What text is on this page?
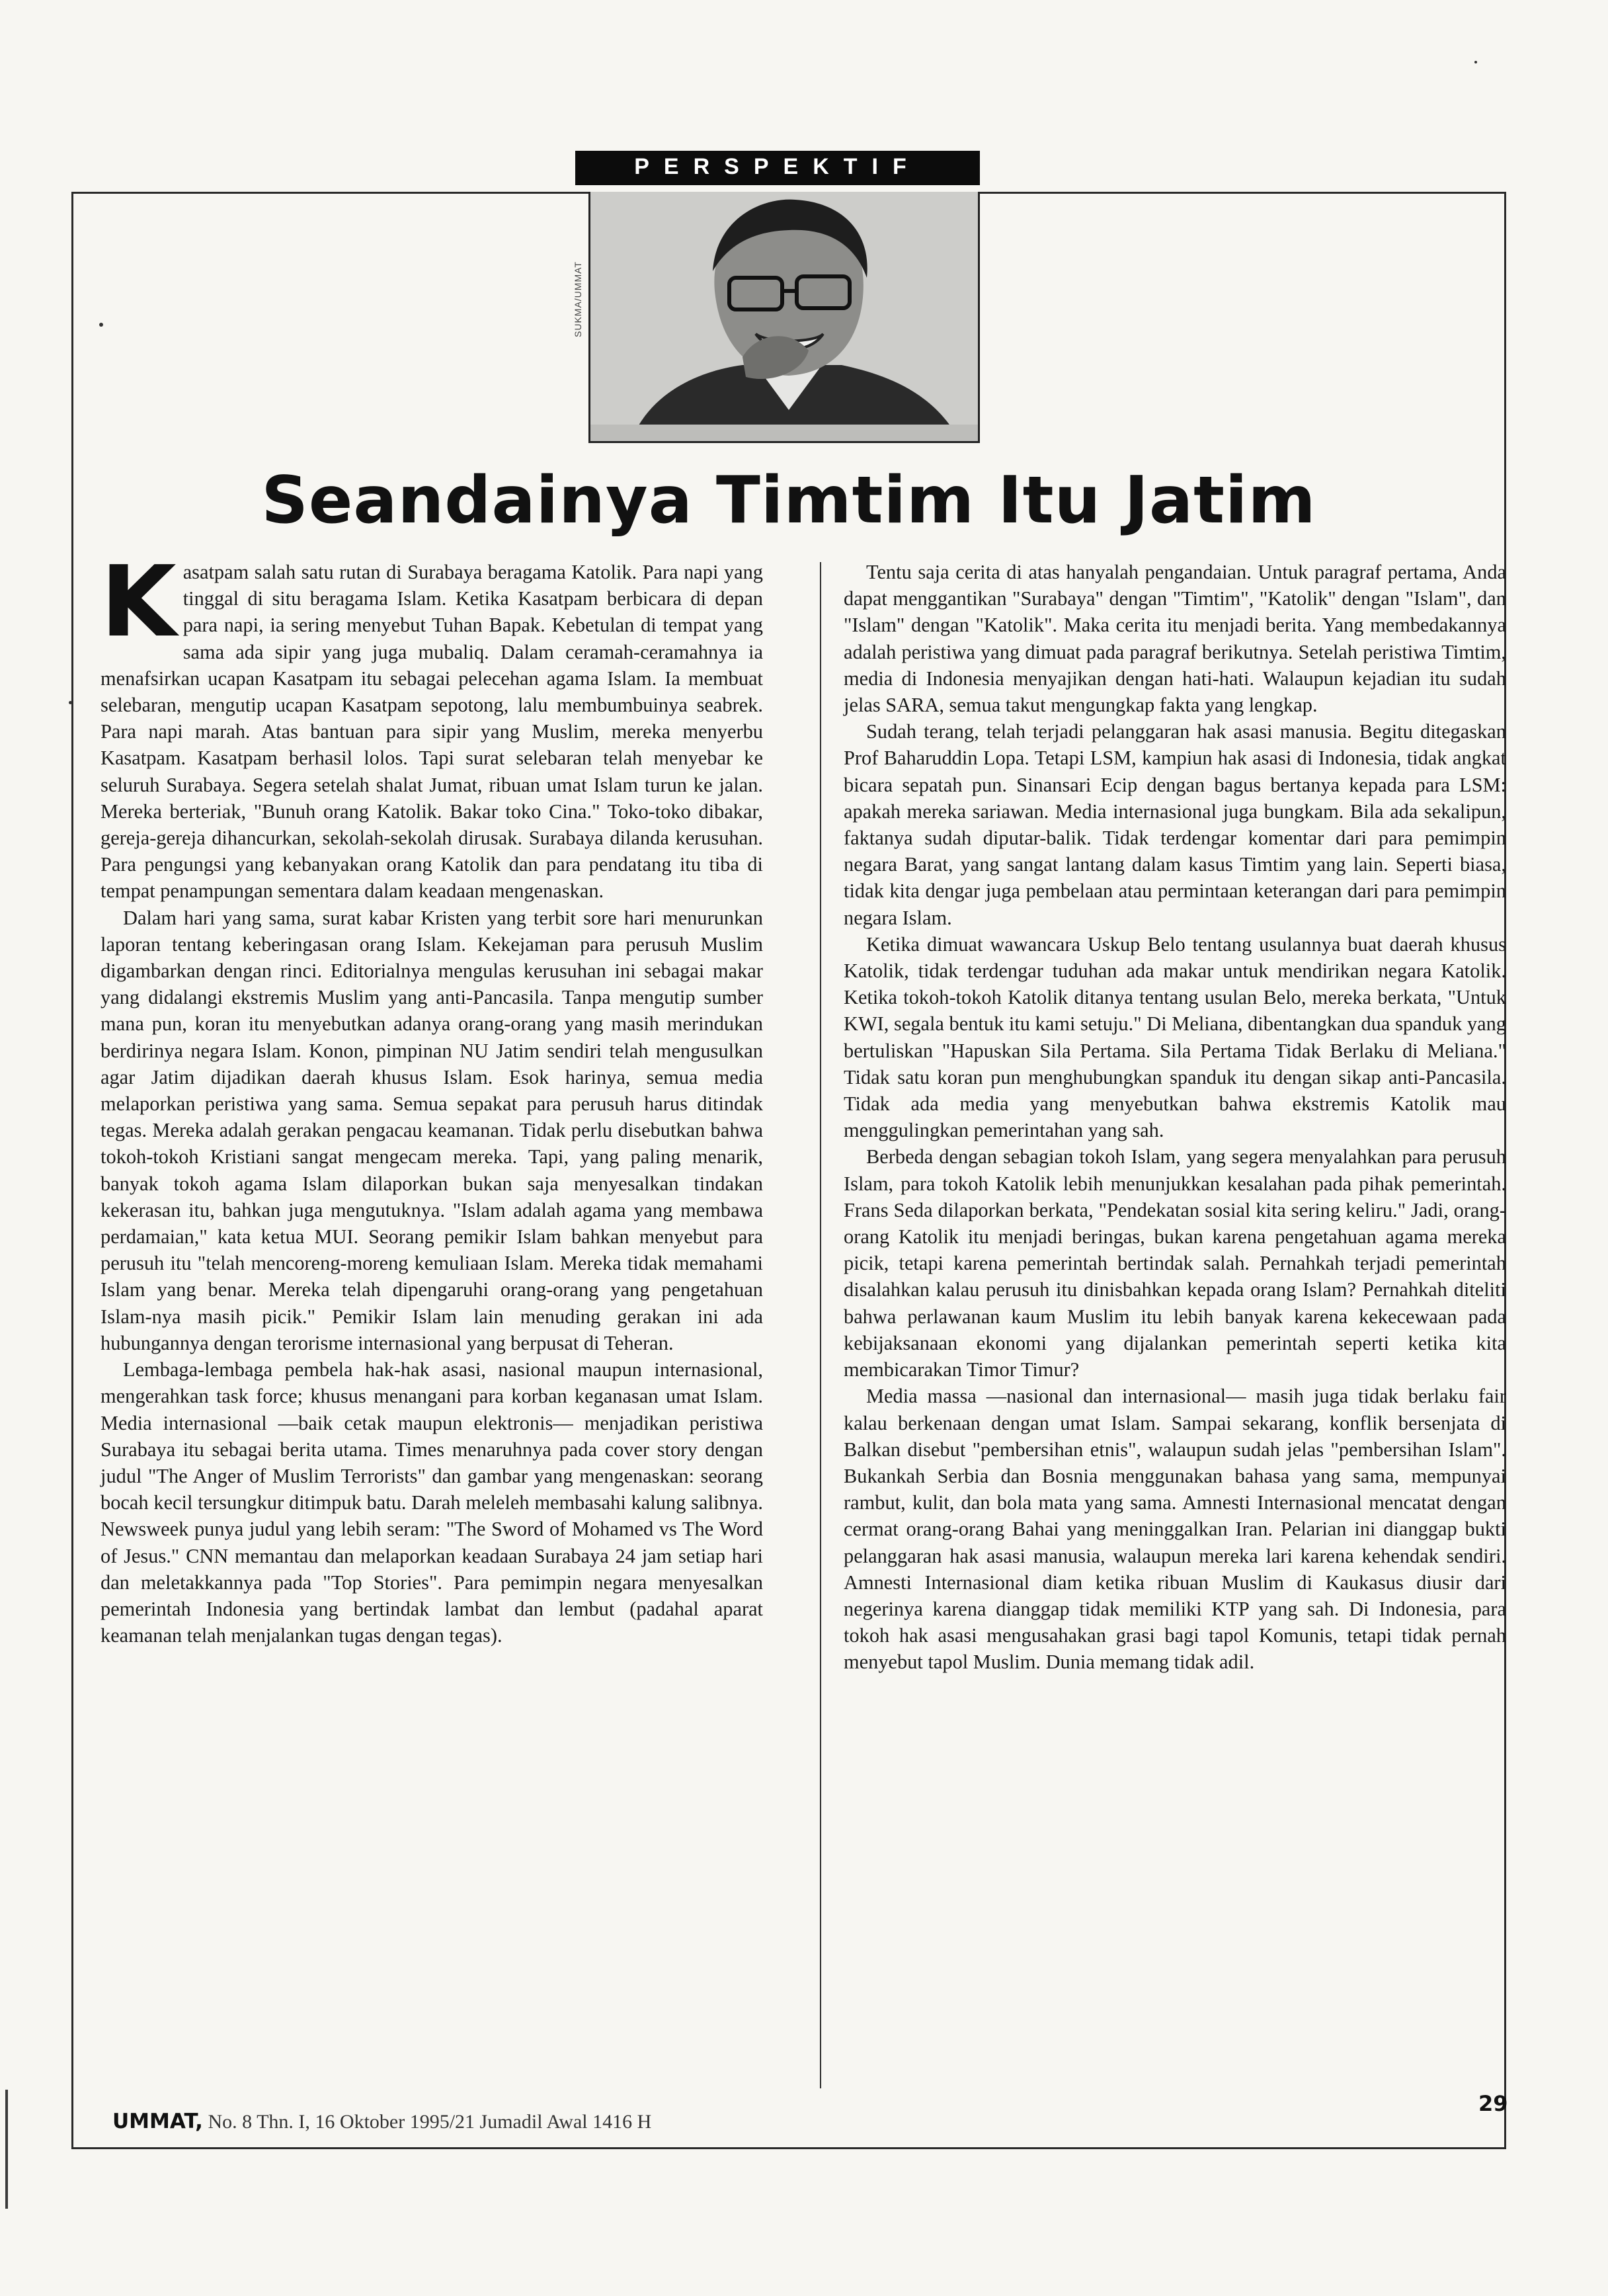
PERSPEKTIF
SUKMA/UMMAT
Seandainya Timtim Itu Jatim

Kasatpam salah satu rutan di Surabaya beragama Katolik. Para napi yang tinggal di situ beragama Islam. Ketika Kasatpam berbicara di depan para napi, ia sering menyebut Tuhan Bapak. Kebetulan di tempat yang sama ada sipir yang juga mubaliq. Dalam ceramah-ceramahnya ia menafsirkan ucapan Kasatpam itu sebagai pelecehan agama Islam. Ia membuat selebaran, mengutip ucapan Kasatpam sepotong, lalu membumbuinya seabrek. Para napi marah. Atas bantuan para sipir yang Muslim, mereka menyerbu Kasatpam. Kasatpam berhasil lolos. Tapi surat selebaran telah menyebar ke seluruh Surabaya. Segera setelah shalat Jumat, ribuan umat Islam turun ke jalan. Mereka berteriak, "Bunuh orang Katolik. Bakar toko Cina." Toko-toko dibakar, gereja-gereja dihancurkan, sekolah-sekolah dirusak. Surabaya dilanda kerusuhan. Para pengungsi yang kebanyakan orang Katolik dan para pendatang itu tiba di tempat penampungan sementara dalam keadaan mengenaskan.

Dalam hari yang sama, surat kabar Kristen yang terbit sore hari menurunkan laporan tentang keberingasan orang Islam. Kekejaman para perusuh Muslim digambarkan dengan rinci. Editorialnya mengulas kerusuhan ini sebagai makar yang didalangi ekstremis Muslim yang anti-Pancasila. Tanpa mengutip sumber mana pun, koran itu menyebutkan adanya orang-orang yang masih merindukan berdirinya negara Islam. Konon, pimpinan NU Jatim sendiri telah mengusulkan agar Jatim dijadikan daerah khusus Islam. Esok harinya, semua media melaporkan peristiwa yang sama. Semua sepakat para perusuh harus ditindak tegas. Mereka adalah gerakan pengacau keamanan. Tidak perlu disebutkan bahwa tokoh-tokoh Kristiani sangat mengecam mereka. Tapi, yang paling menarik, banyak tokoh agama Islam dilaporkan bukan saja menyesalkan tindakan kekerasan itu, bahkan juga mengutuknya. "Islam adalah agama yang membawa perdamaian," kata ketua MUI. Seorang pemikir Islam bahkan menyebut para perusuh itu "telah mencoreng-moreng kemuliaan Islam. Mereka tidak memahami Islam yang benar. Mereka telah dipengaruhi orang-orang yang pengetahuan Islam-nya masih picik." Pemikir Islam lain menuding gerakan ini ada hubungannya dengan terorisme internasional yang berpusat di Teheran.

Lembaga-lembaga pembela hak-hak asasi, nasional maupun internasional, mengerahkan task force; khusus menangani para korban keganasan umat Islam. Media internasional —baik cetak maupun elektronis— menjadikan peristiwa Surabaya itu sebagai berita utama. Times menaruhnya pada cover story dengan judul "The Anger of Muslim Terrorists" dan gambar yang mengenaskan: seorang bocah kecil tersungkur ditimpuk batu. Darah meleleh membasahi kalung salibnya. Newsweek punya judul yang lebih seram: "The Sword of Mohamed vs The Word of Jesus." CNN memantau dan melaporkan keadaan Surabaya 24 jam setiap hari dan meletakkannya pada "Top Stories". Para pemimpin negara menyesalkan pemerintah Indonesia yang bertindak lambat dan lembut (padahal aparat keamanan telah menjalankan tugas dengan tegas).

Tentu saja cerita di atas hanyalah pengandaian. Untuk paragraf pertama, Anda dapat menggantikan "Surabaya" dengan "Timtim", "Katolik" dengan "Islam", dan "Islam" dengan "Katolik". Maka cerita itu menjadi berita. Yang membedakannya adalah peristiwa yang dimuat pada paragraf berikutnya. Setelah peristiwa Timtim, media di Indonesia menyajikan dengan hati-hati. Walaupun kejadian itu sudah jelas SARA, semua takut mengungkap fakta yang lengkap.

Sudah terang, telah terjadi pelanggaran hak asasi manusia. Begitu ditegaskan Prof Baharuddin Lopa. Tetapi LSM, kampiun hak asasi di Indonesia, tidak angkat bicara sepatah pun. Sinansari Ecip dengan bagus bertanya kepada para LSM: apakah mereka sariawan. Media internasional juga bungkam. Bila ada sekalipun, faktanya sudah diputar-balik. Tidak terdengar komentar dari para pemimpin negara Barat, yang sangat lantang dalam kasus Timtim yang lain. Seperti biasa, tidak kita dengar juga pembelaan atau permintaan keterangan dari para pemimpin negara Islam.

Ketika dimuat wawancara Uskup Belo tentang usulannya buat daerah khusus Katolik, tidak terdengar tuduhan ada makar untuk mendirikan negara Katolik. Ketika tokoh-tokoh Katolik ditanya tentang usulan Belo, mereka berkata, "Untuk KWI, segala bentuk itu kami setuju." Di Meliana, dibentangkan dua spanduk yang bertuliskan "Hapuskan Sila Pertama. Sila Pertama Tidak Berlaku di Meliana." Tidak satu koran pun menghubungkan spanduk itu dengan sikap anti-Pancasila. Tidak ada media yang menyebutkan bahwa ekstremis Katolik mau menggulingkan pemerintahan yang sah.

Berbeda dengan sebagian tokoh Islam, yang segera menyalahkan para perusuh Islam, para tokoh Katolik lebih menunjukkan kesalahan pada pihak pemerintah. Frans Seda dilaporkan berkata, "Pendekatan sosial kita sering keliru." Jadi, orang-orang Katolik itu menjadi beringas, bukan karena pengetahuan agama mereka picik, tetapi karena pemerintah bertindak salah. Pernahkah terjadi pemerintah disalahkan kalau perusuh itu dinisbahkan kepada orang Islam? Pernahkah diteliti bahwa perlawanan kaum Muslim itu lebih banyak karena kekecewaan pada kebijaksanaan ekonomi yang dijalankan pemerintah seperti ketika kita membicarakan Timor Timur?

Media massa —nasional dan internasional— masih juga tidak berlaku fair kalau berkenaan dengan umat Islam. Sampai sekarang, konflik bersenjata di Balkan disebut "pembersihan etnis", walaupun sudah jelas "pembersihan Islam". Bukankah Serbia dan Bosnia menggunakan bahasa yang sama, mempunyai rambut, kulit, dan bola mata yang sama. Amnesti Internasional mencatat dengan cermat orang-orang Bahai yang meninggalkan Iran. Pelarian ini dianggap bukti pelanggaran hak asasi manusia, walaupun mereka lari karena kehendak sendiri. Amnesti Internasional diam ketika ribuan Muslim di Kaukasus diusir dari negerinya karena dianggap tidak memiliki KTP yang sah. Di Indonesia, para tokoh hak asasi mengusahakan grasi bagi tapol Komunis, tetapi tidak pernah menyebut tapol Muslim. Dunia memang tidak adil.

UMMAT, No. 8 Thn. I, 16 Oktober 1995/21 Jumadil Awal 1416 H
29
